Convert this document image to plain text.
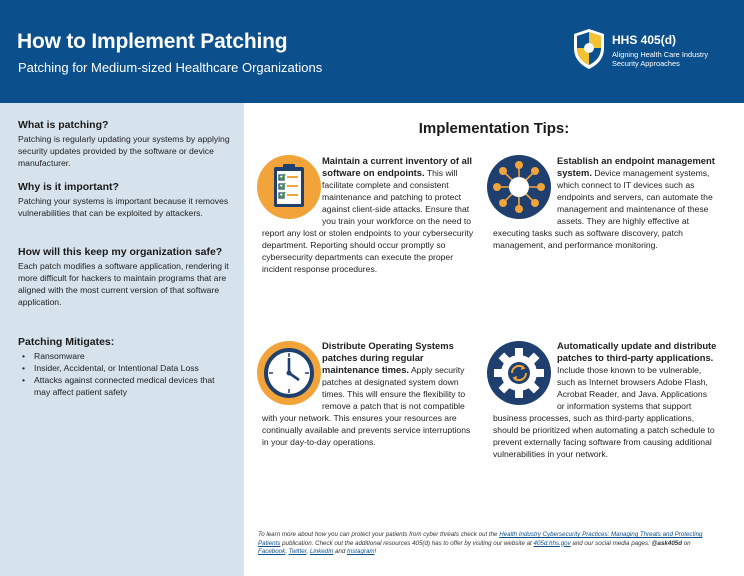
How to Implement Patching
Patching for Medium-sized Healthcare Organizations
HHS 405(d)
Aligning Health Care Industry Security Approaches
What is patching?
Patching is regularly updating your systems by applying security updates provided by the software or device manufacturer.
Why is it important?
Patching your systems is important because it removes vulnerabilities that can be exploited by attackers.
How will this keep my organization safe?
Each patch modifies a software application, rendering it more difficult for hackers to maintain programs that are aligned with the most current version of that software application.
Patching Mitigates:
• Ransomware
• Insider, Accidental, or Intentional Data Loss
• Attacks against connected medical devices that may affect patient safety
Implementation Tips:
Maintain a current inventory of all software on endpoints. This will facilitate complete and consistent maintenance and patching to protect against client-side attacks. Ensure that you train your workforce on the need to report any lost or stolen endpoints to your cybersecurity department. Reporting should occur promptly so cybersecurity departments can execute the proper incident response procedures.
Establish an endpoint management system. Device management systems, which connect to IT devices such as endpoints and servers, can automate the management and maintenance of these assets. They are highly effective at executing tasks such as software discovery, patch management, and performance monitoring.
Distribute Operating Systems patches during regular maintenance times. Apply security patches at designated system down times. This will ensure the flexibility to remove a patch that is not compatible with your network. This ensures your resources are continually available and prevents service interruptions in your day-to-day operations.
Automatically update and distribute patches to third-party applications. Include those known to be vulnerable, such as Internet browsers Adobe Flash, Acrobat Reader, and Java. Applications or information systems that support business processes, such as third-party applications, should be prioritized when automating a patch schedule to prevent externally facing software from causing additional vulnerabilities in your network.
To learn more about how you can protect your patients from cyber threats check out the Health Industry Cybersecurity Practices: Managing Threats and Protecting Patients publication. Check out the additional resources 405(d) has to offer by visiting our website at 405d.hhs.gov and our social media pages: @ask405d on Facebook, Twitter, LinkedIn and Instagram!
